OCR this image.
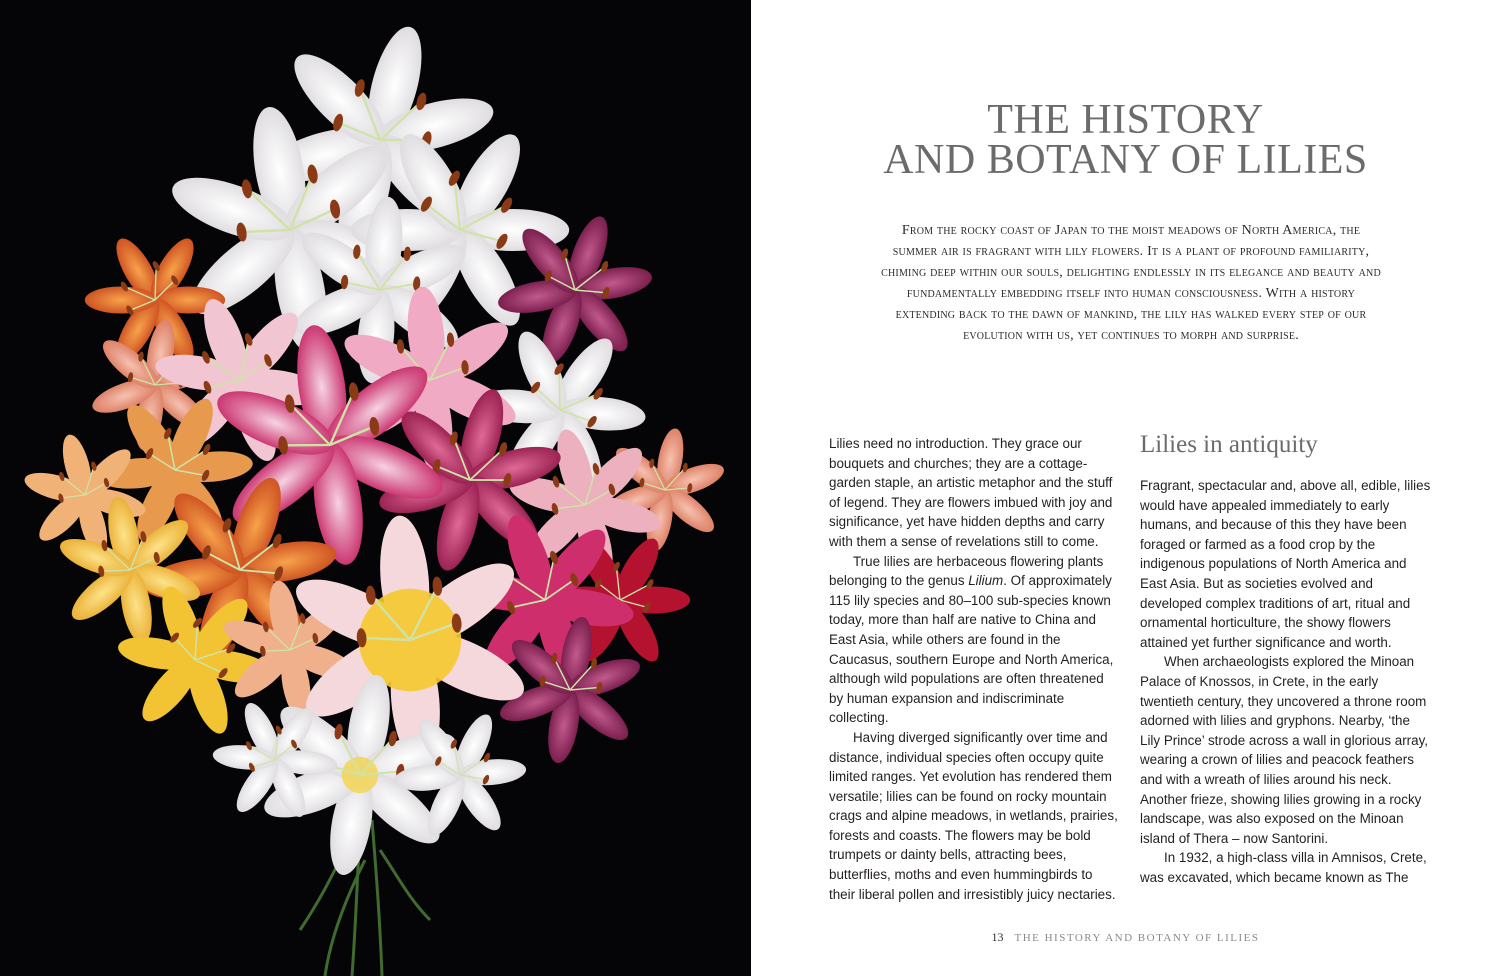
THE HISTORY
AND BOTANY OF LILIES
From the rocky coast of Japan to the moist meadows of North America, the summer air is fragrant with lily flowers. It is a plant of profound familiarity, chiming deep within our souls, delighting endlessly in its elegance and beauty and fundamentally embedding itself into human consciousness. With a history extending back to the dawn of mankind, the lily has walked every step of our evolution with us, yet continues to morph and surprise.

Lilies need no introduction. They grace our bouquets and churches; they are a cottage-garden staple, an artistic metaphor and the stuff of legend. They are flowers imbued with joy and significance, yet have hidden depths and carry with them a sense of revelations still to come.

True lilies are herbaceous flowering plants belonging to the genus Lilium. Of approximately 115 lily species and 80–100 sub-species known today, more than half are native to China and East Asia, while others are found in the Caucasus, southern Europe and North America, although wild populations are often threatened by human expansion and indiscriminate collecting.

Having diverged significantly over time and distance, individual species often occupy quite limited ranges. Yet evolution has rendered them versatile; lilies can be found on rocky mountain crags and alpine meadows, in wetlands, prairies, forests and coasts. The flowers may be bold trumpets or dainty bells, attracting bees, butterflies, moths and even hummingbirds to their liberal pollen and irresistibly juicy nectaries.

Lilies in antiquity

Fragrant, spectacular and, above all, edible, lilies would have appealed immediately to early humans, and because of this they have been foraged or farmed as a food crop by the indigenous populations of North America and East Asia. But as societies evolved and developed complex traditions of art, ritual and ornamental horticulture, the showy flowers attained yet further significance and worth.

When archaeologists explored the Minoan Palace of Knossos, in Crete, in the early twentieth century, they uncovered a throne room adorned with lilies and gryphons. Nearby, ‘the Lily Prince’ strode across a wall in glorious array, wearing a crown of lilies and peacock feathers and with a wreath of lilies around his neck. Another frieze, showing lilies growing in a rocky landscape, was also exposed on the Minoan island of Thera – now Santorini.

In 1932, a high-class villa in Amnisos, Crete, was excavated, which became known as The

13 THE HISTORY AND BOTANY OF LILIES
